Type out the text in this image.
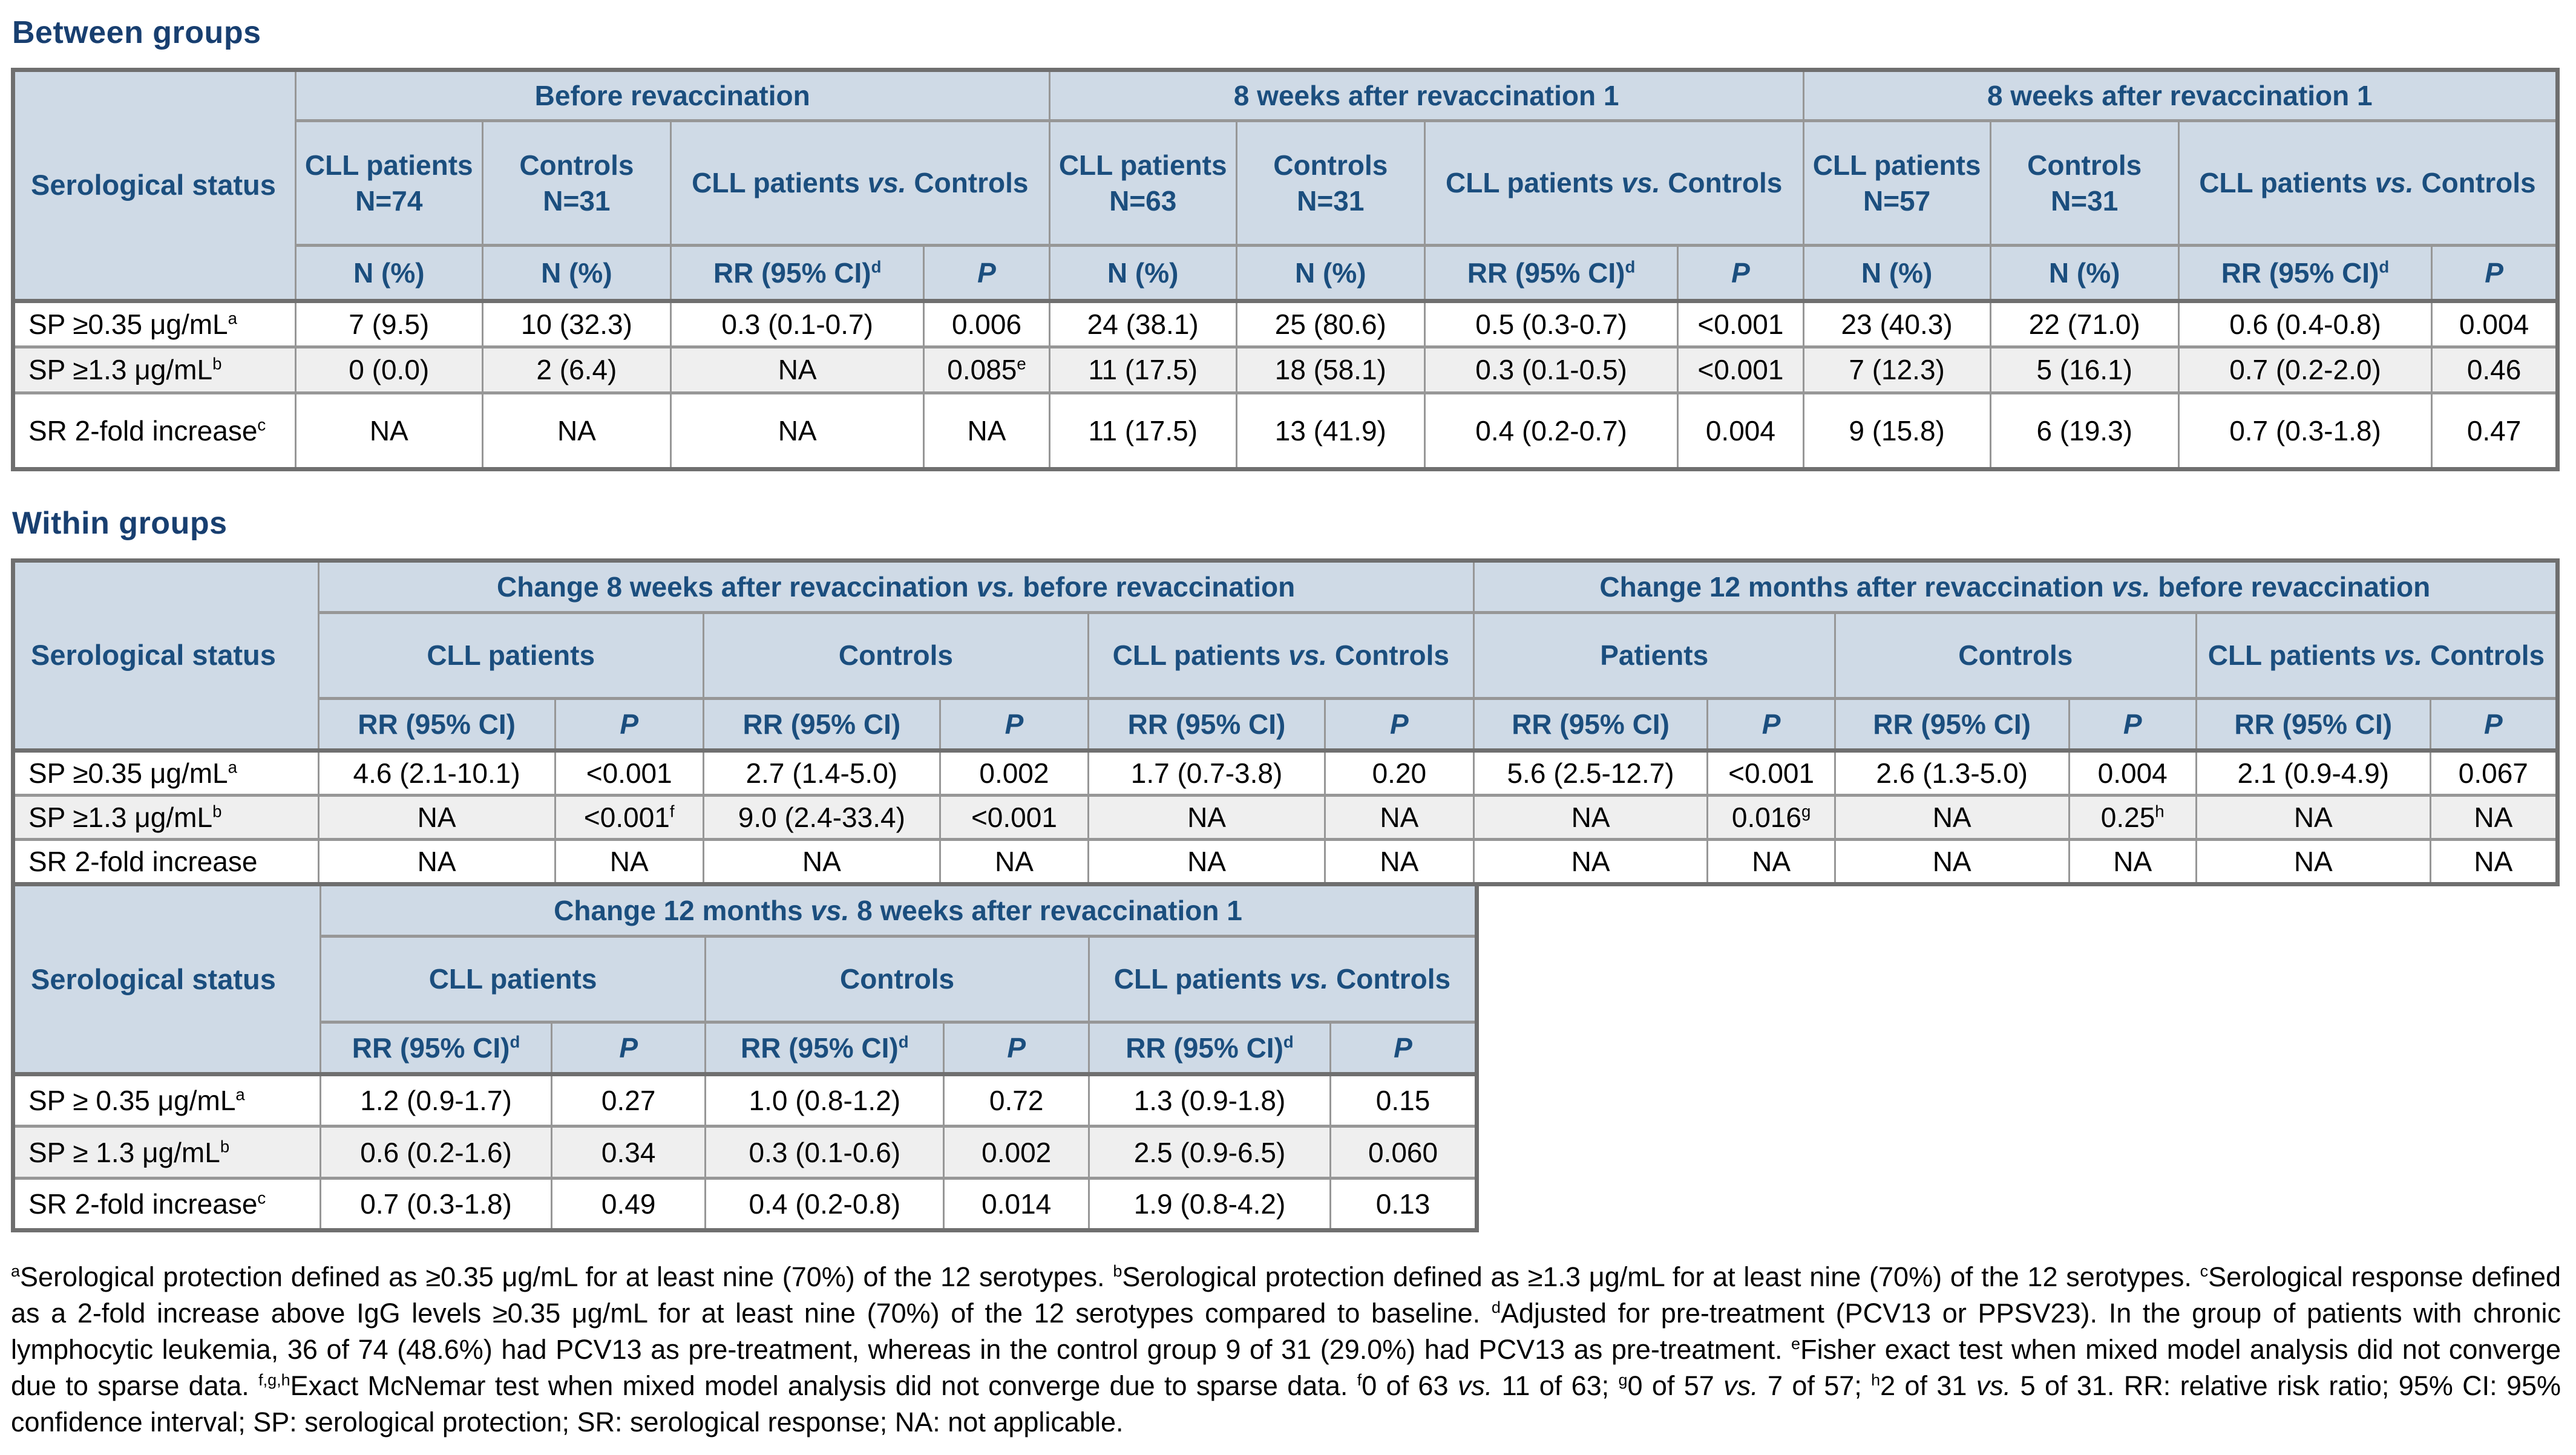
Between groups
Serological status	Before revaccination				8 weeks after revaccination 1				8 weeks after revaccination 1			
	CLL patients N=74	Controls N=31	CLL patients vs. Controls		CLL patients N=63	Controls N=31	CLL patients vs. Controls		CLL patients N=57	Controls N=31	CLL patients vs. Controls	
	N (%)	N (%)	RR (95% CI)$^d$	P	N (%)	N (%)	RR (95% CI)$^d$	P	N (%)	N (%)	RR (95% CI)$^d$	P
SP ≥0.35 $\mu g/mL^a$	7 (9.5)	10 (32.3)	0.3 (0.1-0.7)	0.006	24 (38.1)	25 (80.6)	0.5 (0.3-0.7)	<0.001	23 (40.3)	22 (71.0)	0.6 (0.4-0.8)	0.004
SP ≥1.3 $\mu g/mL^b$	0 (0.0)	2 (6.4)	NA	0.085e	11 (17.5)	18 (58.1)	0.3 (0.1-0.5)	<0.001	7 (12.3)	5 (16.1)	0.7 (0.2-2.0)	0.46
SR 2-fold increase$^c$	NA	NA	NA	NA	11 (17.5)	13 (41.9)	0.4 (0.2-0.7)	0.004	9 (15.8)	6 (19.3)	0.7 (0.3-1.8)	0.47
Within groups
Serological status	Change 8 weeks after revaccination vs. before revaccination						Change 12 months after revaccination vs. before revaccination					
	CLL patients		Controls		CLL patients vs. Controls		Patients		Controls		CLL patients vs. Controls	
	RR (95% CI)	P	RR (95% CI)	P	RR (95% CI)	P	RR (95% CI)	P	RR (95% CI)	P	RR (95% CI)	P
SP ≥0.35 $\mu g/mL^a$	4.6 (2.1-10.1)	<0.001	2.7 (1.4-5.0)	0.002	1.7 (0.7-3.8)	0.20	5.6 (2.5-12.7)	<0.001	2.6 (1.3-5.0)	0.004	2.1 (0.9-4.9)	0.067
SP ≥1.3 $\mu g/mL^b$	NA	<0.001$^f$	9.0 (2.4-33.4)	<0.001	NA	NA	NA	0.016$^g$	NA	0.25$^h$	NA	NA
SR 2-fold increase	NA	NA	NA	NA	NA	NA	NA	NA	NA	NA	NA	NA
Serological status	Change 12 months vs. 8 weeks after revaccination 1					
	CLL patients		Controls		CLL patients vs. Controls	
	RR (95% CI)$^d$	P	RR (95% CI)$^d$	P	RR (95% CI)$^d$	P
SP ≥ 0.35 $\mu g/mL^a$	1.2 (0.9-1.7)	0.27	1.0 (0.8-1.2)	0.72	1.3 (0.9-1.8)	0.15
SP ≥ 1.3 $\mu g/mL^b$	0.6 (0.2-1.6)	0.34	0.3 (0.1-0.6)	0.002	2.5 (0.9-6.5)	0.060
SR 2-fold increase$^c$	0.7 (0.3-1.8)	0.49	0.4 (0.2-0.8)	0.014	1.9 (0.8-4.2)	0.13
$^a$Serological protection defined as ≥0.35 μg/mL for at least nine (70%) of the 12 serotypes. $^b$Serological protection defined as ≥1.3 μg/mL for at least nine (70%) of the 12 serotypes. $^c$Serological response defined as a 2-fold increase above IgG levels ≥0.35 μg/mL for at least nine (70%) of the 12 serotypes compared to baseline. $^d$Adjusted for pre-treatment (PCV13 or PPSV23). In the group of patients with chronic lymphocytic leukemia, 36 of 74 (48.6%) had PCV13 as pre-treatment, whereas in the control group 9 of 31 (29.0%) had PCV13 as pre-treatment. $^e$Fisher exact test when mixed model analysis did not converge due to sparse data. $^{f,g,h}$Exact McNemar test when mixed model analysis did not converge due to sparse data. $^f$0 of 63 vs. 11 of 63; $^g$0 of 57 vs. 7 of 57; $^h$2 of 31 vs. 5 of 31. RR: relative risk ratio; 95% CI: 95% confidence interval; SP: serological protection; SR: serological response; NA: not applicable.
